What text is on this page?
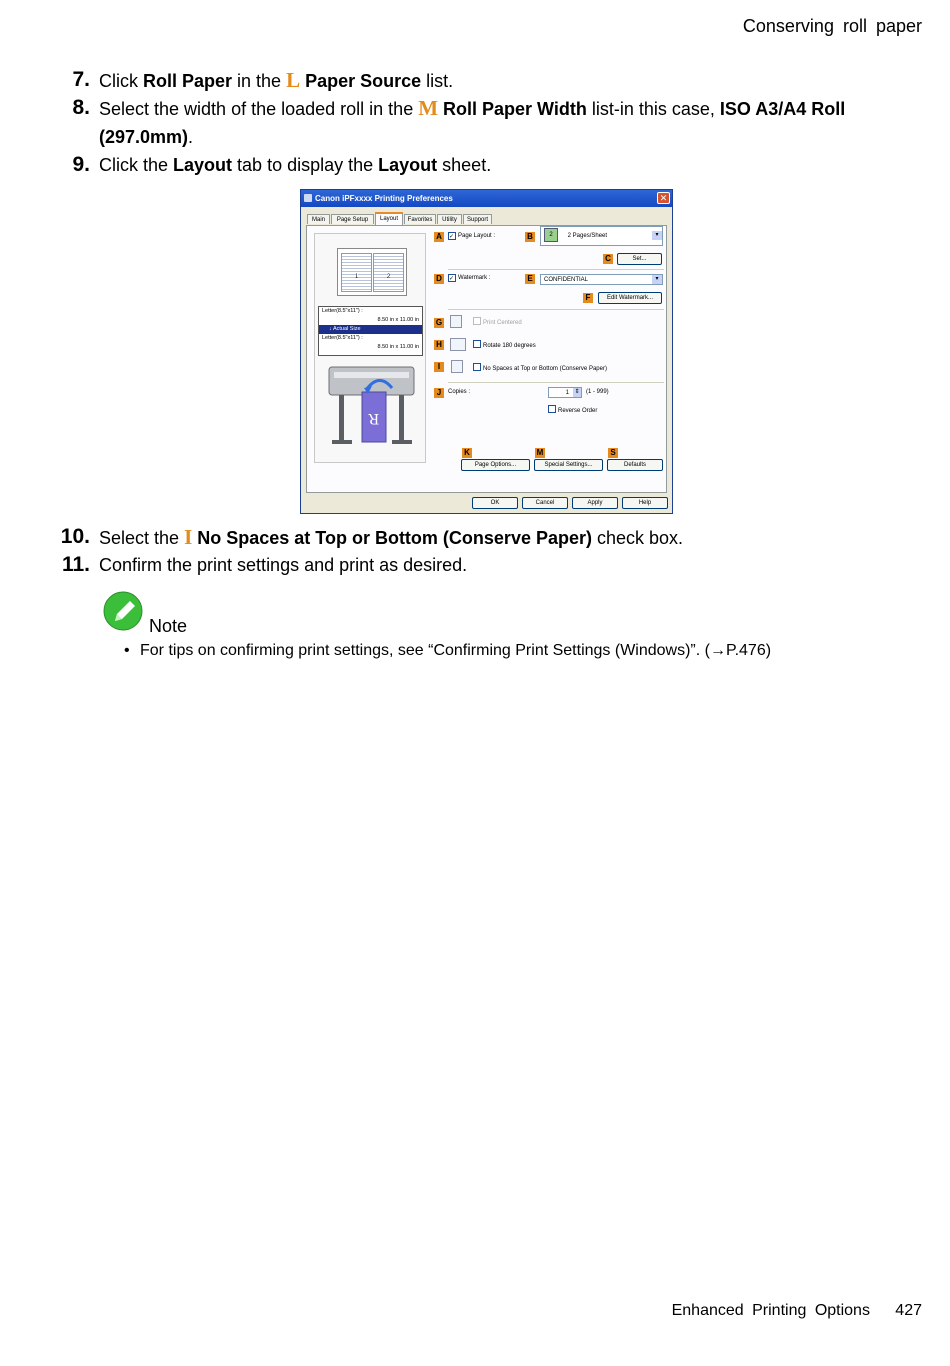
Conserving roll paper
7. Click Roll Paper in the L Paper Source list.
8. Select the width of the loaded roll in the M Roll Paper Width list-in this case, ISO A3/A4 Roll
(297.0mm).
9. Click the Layout tab to display the Layout sheet.
Canon iPFxxxx Printing Preferences	✕
Main	Page Setup	Layout	Favorites	Utility	Support
1	2
Letter(8.5"x11") :
8.50 in x 11.00 in
↓ Actual Size
Letter(8.5"x11") :
8.50 in x 11.00 in
R
A	✓ Page Layout :	B	2	2 Pages/Sheet	▾
C	Set...
D	✓ Watermark :	E	CONFIDENTIAL	▾
F	Edit Watermark...
G	Print Centered
H	Rotate 180 degrees
I	No Spaces at Top or Bottom (Conserve Paper)
J	Copies :	1 ⇕ (1 - 999)
Reverse Order
K	M	S
Page Options...	Special Settings...	Defaults
OK	Cancel	Apply	Help
10. Select the I No Spaces at Top or Bottom (Conserve Paper) check box.
11. Confirm the print settings and print as desired.
Note
• For tips on confirming print settings, see “Confirming Print Settings (Windows)”. (→P.476)
Enhanced Printing Options 427
